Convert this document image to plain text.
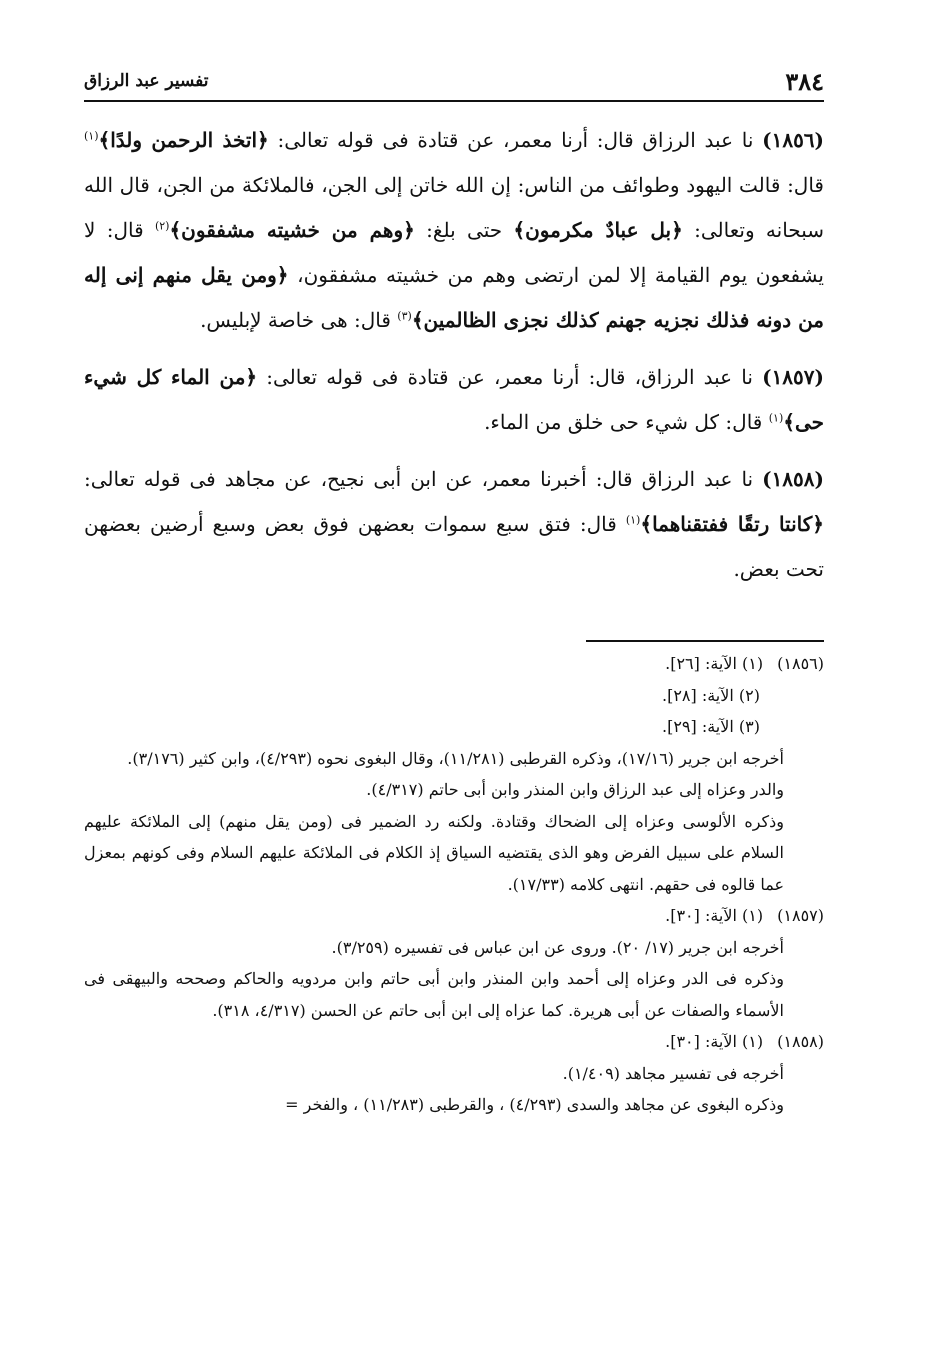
٣٨٤
تفسير عبد الرزاق

(١٨٥٦) نا عبد الرزاق قال: أرنا معمر، عن قتادة فى قوله تعالى: ﴿اتخذ الرحمن ولدًا﴾$^{(١)}$ قال: قالت اليهود وطوائف من الناس: إن الله خاتن إلى الجن، فالملائكة من الجن، قال الله سبحانه وتعالى: ﴿بل عبادٌ مكرمون﴾ حتى بلغ: ﴿وهم من خشيته مشفقون﴾$^{(٢)}$ قال: لا يشفعون يوم القيامة إلا لمن ارتضى وهم من خشيته مشفقون، ﴿ومن يقل منهم إنى إله من دونه فذلك نجزيه جهنم كذلك نجزى الظالمين﴾$^{(٣)}$ قال: هى خاصة لإبليس.

(١٨٥٧) نا عبد الرزاق، قال: أرنا معمر، عن قتادة فى قوله تعالى: ﴿من الماء كل شيء حى﴾$^{(١)}$ قال: كل شيء حى خلق من الماء.

(١٨٥٨) نا عبد الرزاق قال: أخبرنا معمر، عن ابن أبى نجيح، عن مجاهد فى قوله تعالى: ﴿كانتا رتقًا ففتقناهما﴾$^{(١)}$ قال: فتق سبع سموات بعضهن فوق بعض وسبع أرضين بعضهن تحت بعض.

(١٨٥٦)(١) الآية: [٢٦].
(٢) الآية: [٢٨].
(٣) الآية: [٢٩].
أخرجه ابن جرير (١٧/١٦)، وذكره القرطبى (١١/٢٨١)، وقال البغوى نحوه (٤/٢٩٣)، وابن كثير (٣/١٧٦).
والدر وعزاه إلى عبد الرزاق وابن المنذر وابن أبى حاتم (٤/٣١٧).
وذكره الألوسى وعزاه إلى الضحاك وقتادة. ولكنه رد الضمير فى (ومن يقل منهم) إلى الملائكة عليهم السلام على سبيل الفرض وهو الذى يقتضيه السياق إذ الكلام فى الملائكة عليهم السلام وفى كونهم بمعزل عما قالوه فى حقهم. انتهى كلامه (١٧/٣٣).
(١٨٥٧)(١) الآية: [٣٠].
أخرجه ابن جرير (١٧/ ٢٠). وروى عن ابن عباس فى تفسيره (٣/٢٥٩).
وذكره فى الدر وعزاه إلى أحمد وابن المنذر وابن أبى حاتم وابن مردويه والحاكم وصححه والبيهقى فى الأسماء والصفات عن أبى هريرة. كما عزاه إلى ابن أبى حاتم عن الحسن (٤/٣١٧، ٣١٨).
(١٨٥٨)(١) الآية: [٣٠].
أخرجه فى تفسير مجاهد (١/٤٠٩).
وذكره البغوى عن مجاهد والسدى (٤/٢٩٣) ، والقرطبى (١١/٢٨٣) ، والفخر =
